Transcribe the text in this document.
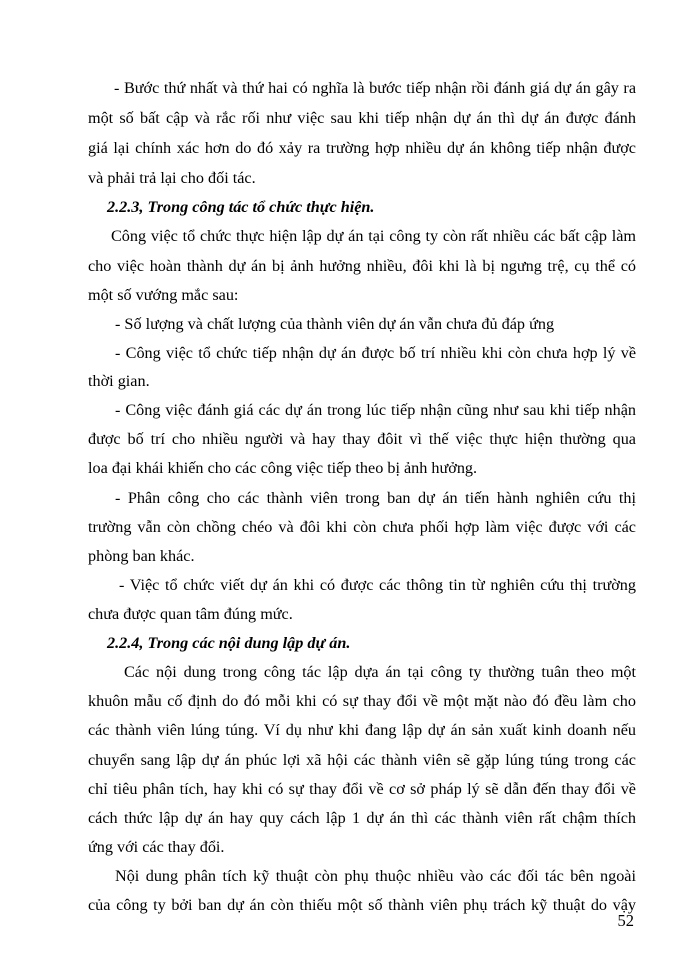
- Bước thứ nhất và thứ hai có nghĩa là bước tiếp nhận rồi đánh giá dự án gây ra
một số bất cập và rắc rối như việc sau khi tiếp nhận dự án thì dự án được đánh
giá lại chính xác hơn do đó xảy ra trường hợp nhiều dự án không tiếp nhận được
và phải trả lại cho đối tác.
2.2.3, Trong công tác tổ chức thực hiện.
Công việc tổ chức thực hiện lập dự án tại công ty còn rất nhiều các bất cập làm
cho việc hoàn thành dự án bị ảnh hưởng nhiều, đôi khi là bị ngưng trệ, cụ thể có
một số vướng mắc sau:
- Số lượng và chất lượng của thành viên dự án vẫn chưa đủ đáp ứng
- Công việc tổ chức tiếp nhận dự án được bố trí nhiều khi còn chưa hợp lý về
thời gian.
- Công việc đánh giá các dự án trong lúc tiếp nhận cũng như sau khi tiếp nhận
được bố trí cho nhiều người và hay thay đôit vì thế việc thực hiện thường qua
loa đại khái khiến cho các công việc tiếp theo bị ảnh hưởng.
- Phân công cho các thành viên trong ban dự án tiến hành nghiên cứu thị
trường vẫn còn chồng chéo và đôi khi còn chưa phối hợp làm việc được với các
phòng ban khác.
- Việc tổ chức viết dự án khi có được các thông tin từ nghiên cứu thị trường
chưa được quan tâm đúng mức.
2.2.4, Trong các nội dung lập dự án.
Các nội dung trong công tác lập dựa án tại công ty thường tuân theo một
khuôn mẫu cố định do đó mỗi khi có sự thay đổi về một mặt nào đó đều làm cho
các thành viên lúng túng. Ví dụ như khi đang lập dự án sản xuất kinh doanh nếu
chuyển sang lập dự án phúc lợi xã hội các thành viên sẽ gặp lúng túng trong các
chỉ tiêu phân tích, hay khi có sự thay đổi về cơ sở pháp lý sẽ dẫn đến thay đổi về
cách thức lập dự án hay quy cách lập 1 dự án thì các thành viên rất chậm thích
ứng với các thay đổi.
Nội dung phân tích kỹ thuật còn phụ thuộc nhiều vào các đối tác bên ngoài
của công ty bởi ban dự án còn thiếu một số thành viên phụ trách kỹ thuật do vậy
52
